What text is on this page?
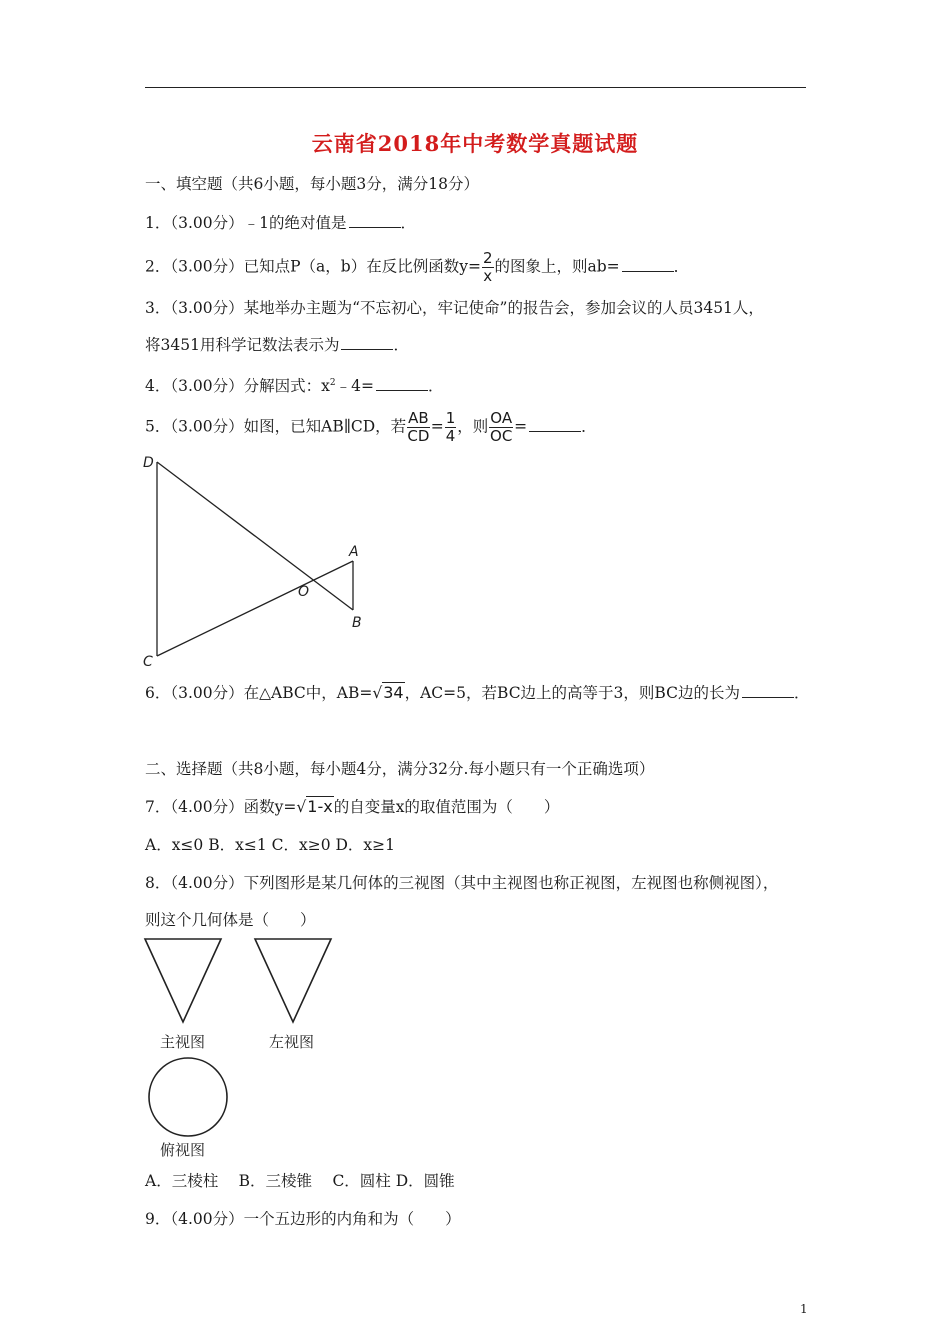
云南省2018年中考数学真题试题
一、填空题（共6小题，每小题3分，满分18分）
1．（3.00分）﹣1的绝对值是	．
2．（3.00分）已知点P（a，b）在反比例函数$y= \frac{2}{x}$ 的图象上，则ab=	．
3．（3.00分）某地举办主题为“不忘初心，牢记使命”的报告会，参加会议的人员3451人，
将3451用科学记数法表示为	．
4．（3.00分）分解因式：$x^2﹣4=$	．
5．（3.00分）如图，已知AB∥CD，若 $\frac{AB}{CD} = \frac{1}{4}$ ，则 $\frac{OA}{OC}$ =	．
D
C
O
A
B
6．（3.00分）在△ABC中，AB=√34，AC=5，若BC边上的高等于3，则BC边的长为	．
二、选择题（共8小题，每小题4分，满分32分.每小题只有一个正确选项）
7．（4.00分）函数y=√1-x的自变量x的取值范围为（　　）
A．x≤0 B．x≤1 C．x≥0 D．x≥1
8．（4.00分）下列图形是某几何体的三视图（其中主视图也称正视图，左视图也称侧视图），
则这个几何体是（　　）
主视图	左视图
俯视图
A．三棱柱　 B．三棱锥　 C．圆柱 D．圆锥
9．（4.00分）一个五边形的内角和为（　　）
1
